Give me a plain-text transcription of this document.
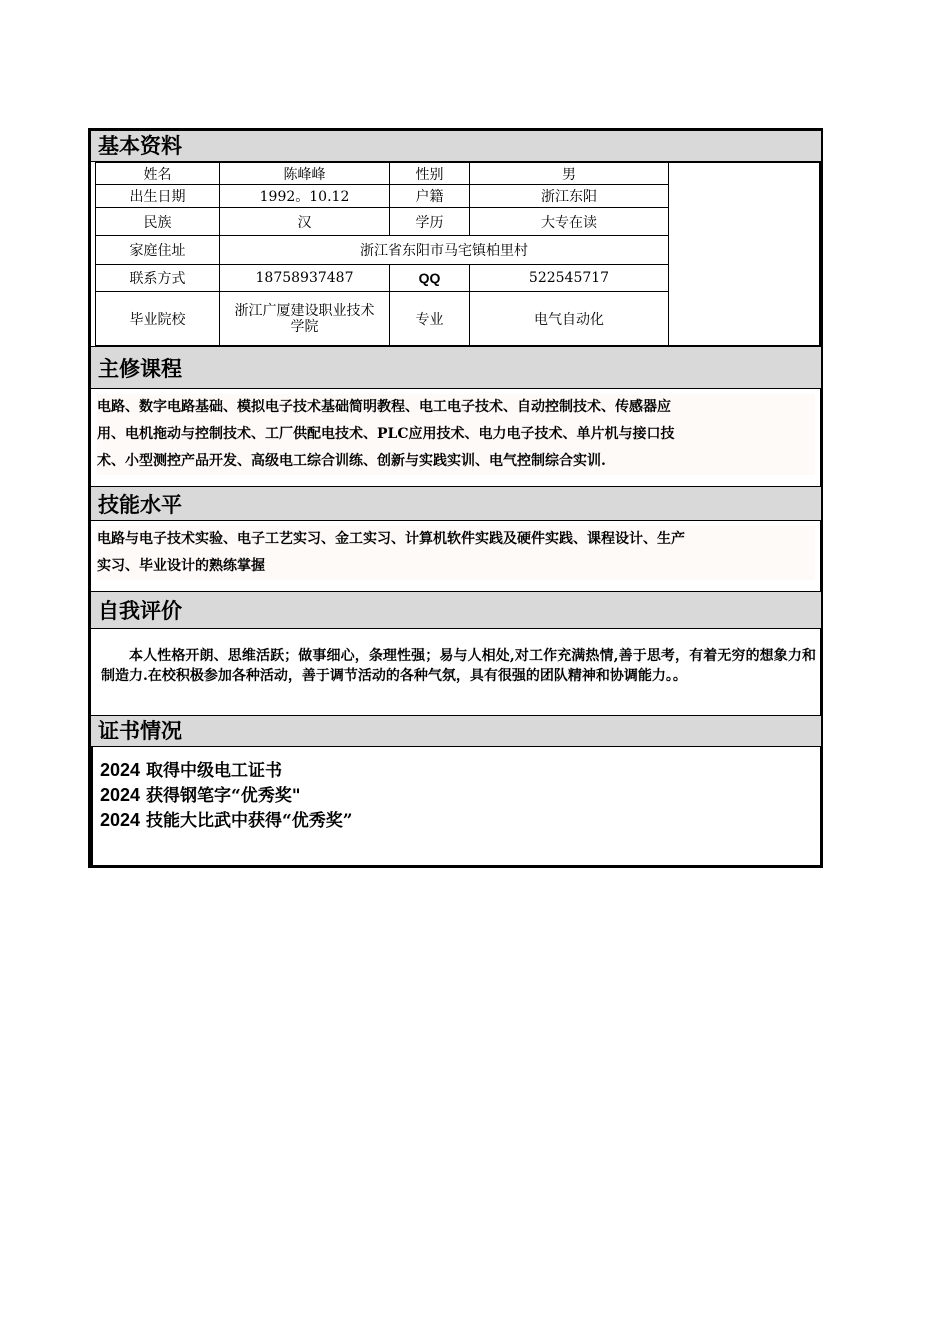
基本资料
姓名	陈峰峰	性别	男	
出生日期	1992。10.12	户籍	浙江东阳	
民族	汉	学历	大专在读	
家庭住址	浙江省东阳市马宅镇柏里村			
联系方式	18758937487	QQ	522545717	
毕业院校	浙江广厦建设职业技术学院	专业	电气自动化	
主修课程
电路、数字电路基础、模拟电子技术基础简明教程、电工电子技术、自动控制技术、传感器应
用、电机拖动与控制技术、工厂供配电技术、PLC应用技术、电力电子技术、单片机与接口技
术、小型测控产品开发、高级电工综合训练、创新与实践实训、电气控制综合实训.
技能水平
电路与电子技术实验、电子工艺实习、金工实习、计算机软件实践及硬件实践、课程设计、生产
实习、毕业设计的熟练掌握
自我评价
本人性格开朗、思维活跃；做事细心，条理性强；易与人相处,对工作充满热情,善于思考，有着无穷的想象力和制造力.在校积极参加各种活动，善于调节活动的各种气氛，具有很强的团队精神和协调能力。。
证书情况
2024 取得中级电工证书
2024 获得钢笔字“优秀奖"
2024 技能大比武中获得“优秀奖”
